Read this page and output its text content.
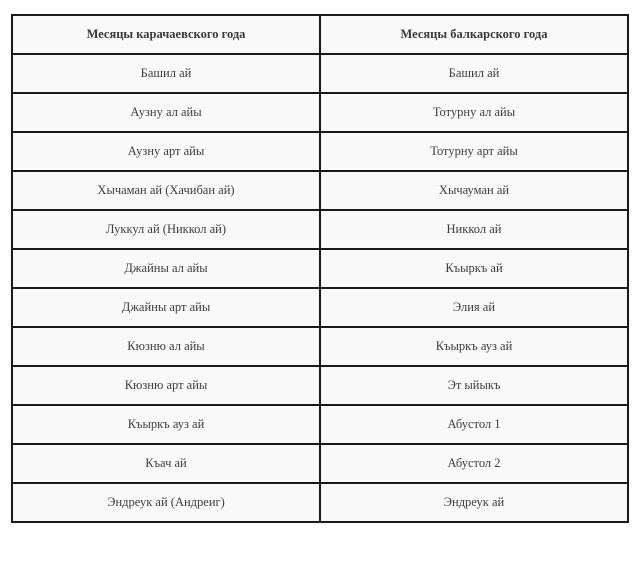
Месяцы карачаевского года	Месяцы балкарского года
Башил ай	Башил ай
Аузну ал айы	Тотурну ал айы
Аузну арт айы	Тотурну арт айы
Хычаман ай (Хачибан ай)	Хычауман ай
Луккул ай (Никкол ай)	Никкол ай
Джайны ал айы	Къыркъ ай
Джайны арт айы	Элия ай
Кюзню ал айы	Къыркъ ауз ай
Кюзню арт айы	Эт ыйыкъ
Къыркъ ауз ай	Абустол 1
Къач ай	Абустол 2
Эндреук ай (Андреиг)	Эндреук ай
